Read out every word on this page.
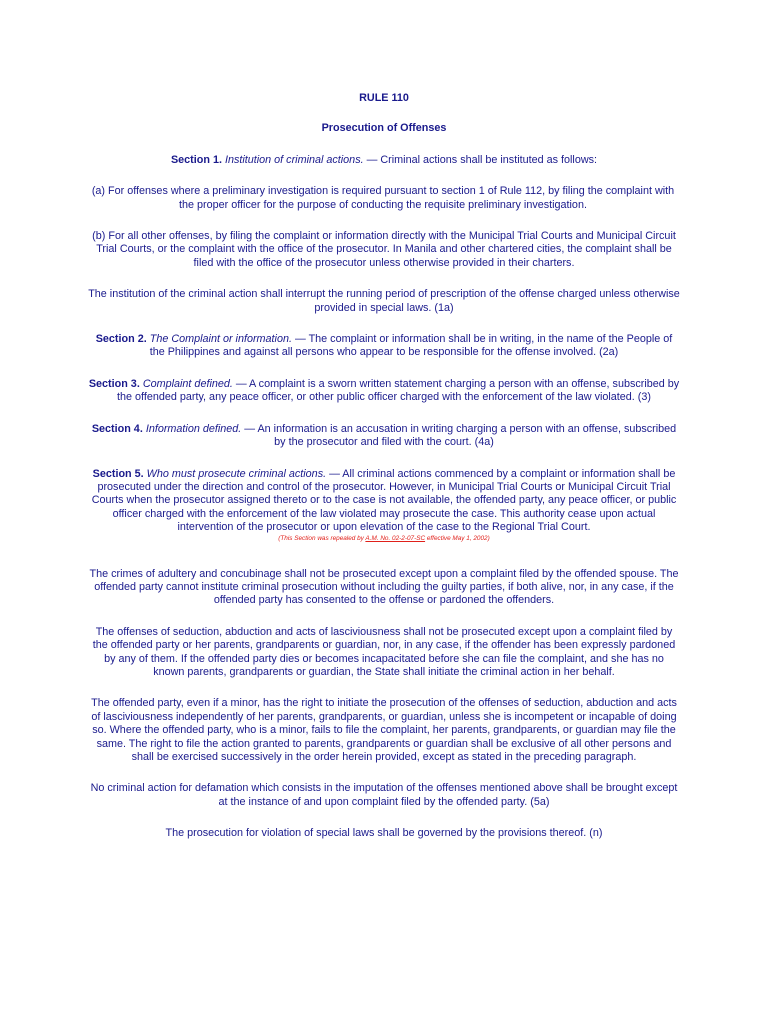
RULE 110

Prosecution of Offenses

Section 1. Institution of criminal actions. — Criminal actions shall be instituted as follows:

(a) For offenses where a preliminary investigation is required pursuant to section 1 of Rule 112, by filing the complaint with the proper officer for the purpose of conducting the requisite preliminary investigation.

(b) For all other offenses, by filing the complaint or information directly with the Municipal Trial Courts and Municipal Circuit Trial Courts, or the complaint with the office of the prosecutor. In Manila and other chartered cities, the complaint shall be filed with the office of the prosecutor unless otherwise provided in their charters.

The institution of the criminal action shall interrupt the running period of prescription of the offense charged unless otherwise provided in special laws. (1a)

Section 2. The Complaint or information. — The complaint or information shall be in writing, in the name of the People of the Philippines and against all persons who appear to be responsible for the offense involved. (2a)

Section 3. Complaint defined. — A complaint is a sworn written statement charging a person with an offense, subscribed by the offended party, any peace officer, or other public officer charged with the enforcement of the law violated. (3)

Section 4. Information defined. — An information is an accusation in writing charging a person with an offense, subscribed by the prosecutor and filed with the court. (4a)

Section 5. Who must prosecute criminal actions. — All criminal actions commenced by a complaint or information shall be prosecuted under the direction and control of the prosecutor. However, in Municipal Trial Courts or Municipal Circuit Trial Courts when the prosecutor assigned thereto or to the case is not available, the offended party, any peace officer, or public officer charged with the enforcement of the law violated may prosecute the case. This authority cease upon actual intervention of the prosecutor or upon elevation of the case to the Regional Trial Court.

(This Section was repealed by A.M. No. 02-2-07-SC effective May 1, 2002)

The crimes of adultery and concubinage shall not be prosecuted except upon a complaint filed by the offended spouse. The offended party cannot institute criminal prosecution without including the guilty parties, if both alive, nor, in any case, if the offended party has consented to the offense or pardoned the offenders.

The offenses of seduction, abduction and acts of lasciviousness shall not be prosecuted except upon a complaint filed by the offended party or her parents, grandparents or guardian, nor, in any case, if the offender has been expressly pardoned by any of them. If the offended party dies or becomes incapacitated before she can file the complaint, and she has no known parents, grandparents or guardian, the State shall initiate the criminal action in her behalf.

The offended party, even if a minor, has the right to initiate the prosecution of the offenses of seduction, abduction and acts of lasciviousness independently of her parents, grandparents, or guardian, unless she is incompetent or incapable of doing so. Where the offended party, who is a minor, fails to file the complaint, her parents, grandparents, or guardian may file the same. The right to file the action granted to parents, grandparents or guardian shall be exclusive of all other persons and shall be exercised successively in the order herein provided, except as stated in the preceding paragraph.

No criminal action for defamation which consists in the imputation of the offenses mentioned above shall be brought except at the instance of and upon complaint filed by the offended party. (5a)

The prosecution for violation of special laws shall be governed by the provisions thereof. (n)
